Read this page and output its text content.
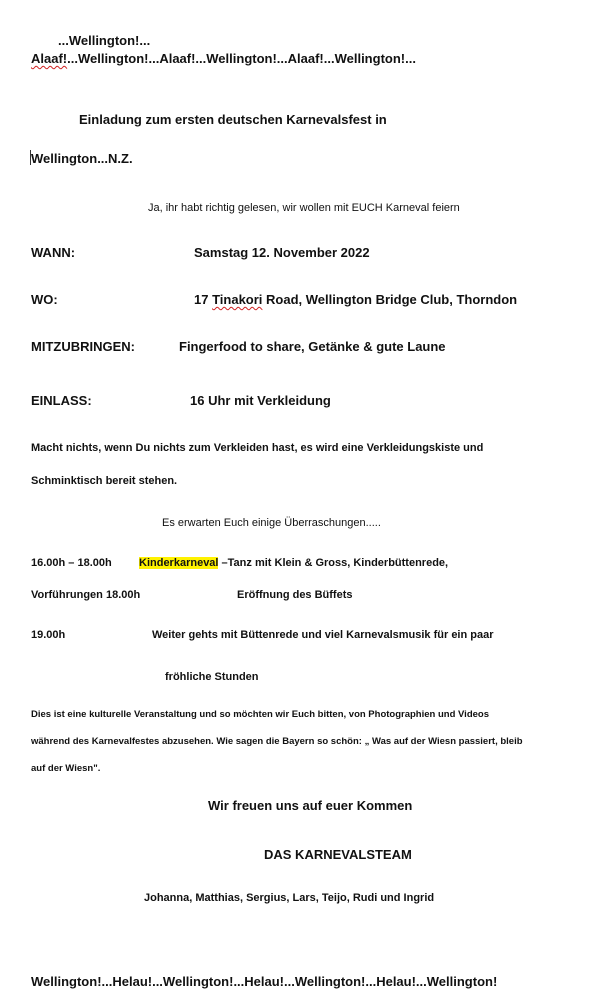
...Wellington!...
Alaaf!...Wellington!...Alaaf!...Wellington!...Alaaf!...Wellington!...
Einladung zum ersten deutschen Karnevalsfest in
Wellington...N.Z.
Ja, ihr habt richtig gelesen, wir wollen mit EUCH Karneval feiern
WANN:	Samstag 12. November 2022
WO:	17 Tinakori Road, Wellington Bridge Club, Thorndon
MITZUBRINGEN:	Fingerfood to share, Getänke & gute Laune
EINLASS:	16 Uhr mit Verkleidung
Macht nichts, wenn Du nichts zum Verkleiden hast, es wird eine Verkleidungskiste und
Schminktisch bereit stehen.
Es erwarten Euch einige Überraschungen.....
16.00h – 18.00h Kinderkarneval –Tanz mit Klein & Gross, Kinderbüttenrede,
Vorführungen 18.00h	Eröffnung des Büffets
19.00h	Weiter gehts mit Büttenrede und viel Karnevalsmusik für ein paar
fröhliche Stunden
Dies ist eine kulturelle Veranstaltung und so möchten wir Euch bitten, von Photographien und Videos
während des Karnevalfestes abzusehen. Wie sagen die Bayern so schön: „ Was auf der Wiesn passiert, bleib
auf der Wiesn".
Wir freuen uns auf euer Kommen
DAS KARNEVALSTEAM
Johanna, Matthias, Sergius, Lars, Teijo, Rudi und Ingrid
Wellington!...Helau!...Wellington!...Helau!...Wellington!...Helau!...Wellington!
